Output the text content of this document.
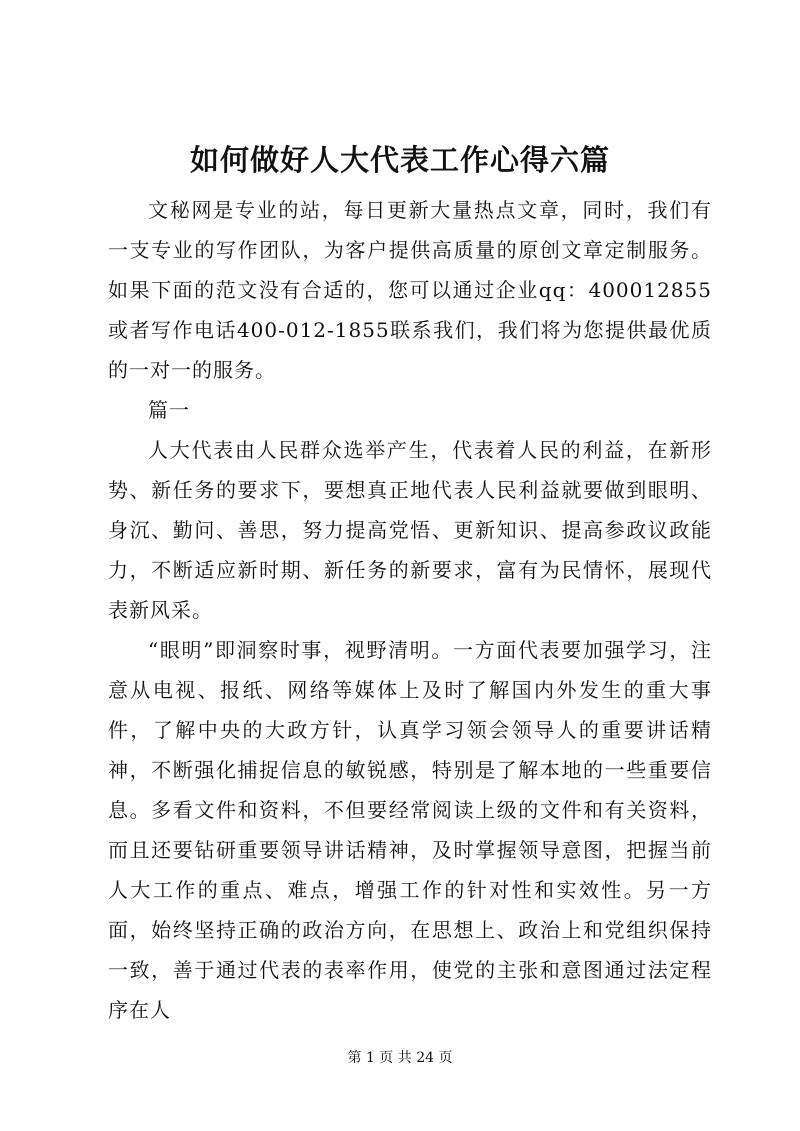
如何做好人大代表工作心得六篇

文秘网是专业的站，每日更新大量热点文章，同时，我们有一支专业的写作团队，为客户提供高质量的原创文章定制服务。如果下面的范文没有合适的，您可以通过企业qq：400012855或者写作电话400-012-1855联系我们，我们将为您提供最优质的一对一的服务。

篇一

人大代表由人民群众选举产生，代表着人民的利益，在新形势、新任务的要求下，要想真正地代表人民利益就要做到眼明、身沉、勤问、善思，努力提高党悟、更新知识、提高参政议政能力，不断适应新时期、新任务的新要求，富有为民情怀，展现代表新风采。

“眼明”即洞察时事，视野清明。一方面代表要加强学习，注意从电视、报纸、网络等媒体上及时了解国内外发生的重大事件，了解中央的大政方针，认真学习领会领导人的重要讲话精神，不断强化捕捉信息的敏锐感，特别是了解本地的一些重要信息。多看文件和资料，不但要经常阅读上级的文件和有关资料，而且还要钻研重要领导讲话精神，及时掌握领导意图，把握当前人大工作的重点、难点，增强工作的针对性和实效性。另一方面，始终坚持正确的政治方向，在思想上、政治上和党组织保持一致，善于通过代表的表率作用，使党的主张和意图通过法定程序在人

第 1 页 共 24 页
